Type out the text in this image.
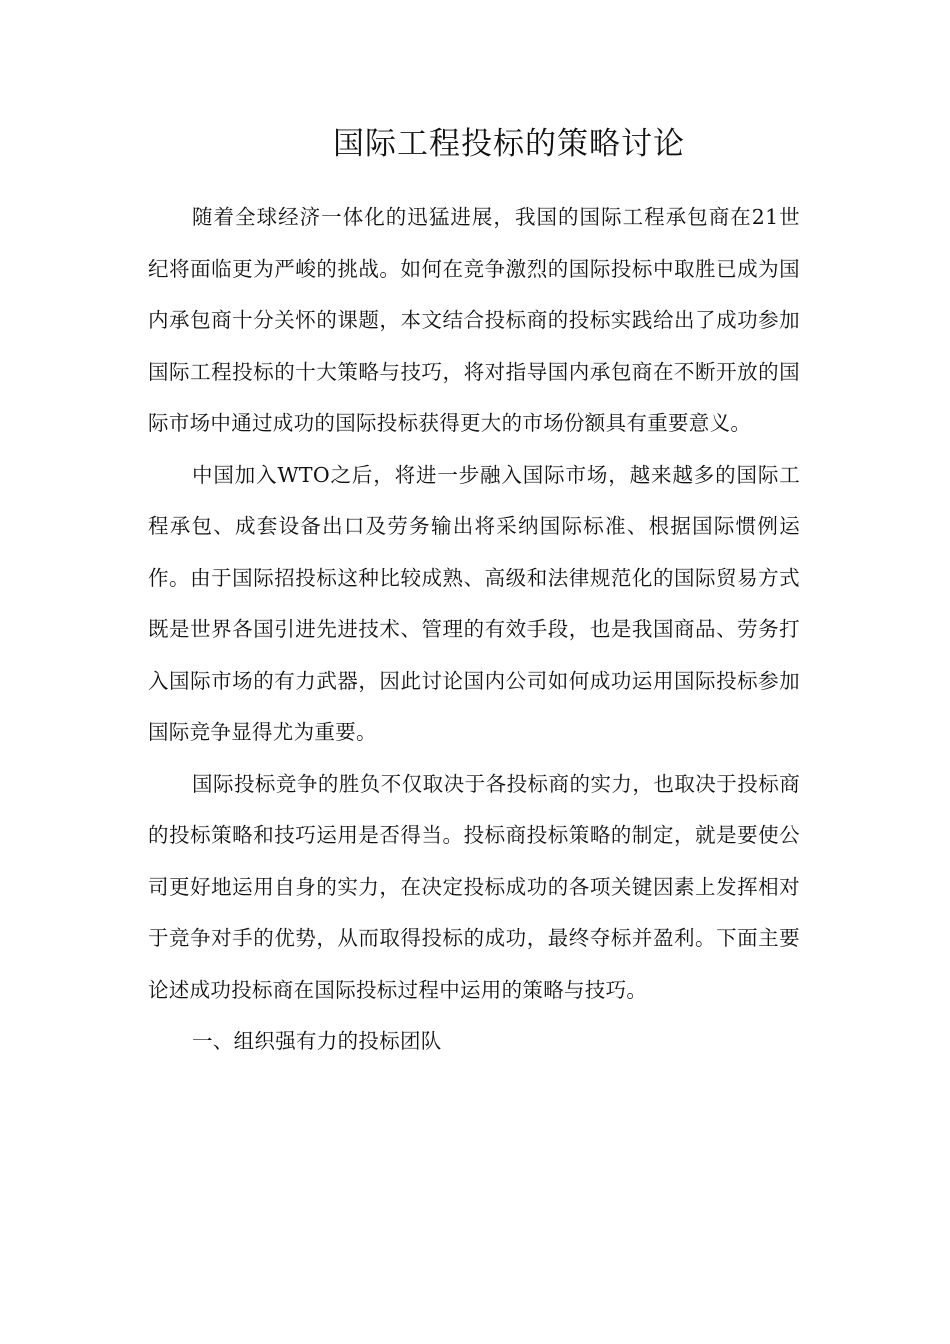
国际工程投标的策略讨论

随着全球经济一体化的迅猛进展，我国的国际工程承包商在21世纪将面临更为严峻的挑战。如何在竞争激烈的国际投标中取胜已成为国内承包商十分关怀的课题，本文结合投标商的投标实践给出了成功参加国际工程投标的十大策略与技巧，将对指导国内承包商在不断开放的国际市场中通过成功的国际投标获得更大的市场份额具有重要意义。

中国加入WTO之后，将进一步融入国际市场，越来越多的国际工程承包、成套设备出口及劳务输出将采纳国际标准、根据国际惯例运作。由于国际招投标这种比较成熟、高级和法律规范化的国际贸易方式既是世界各国引进先进技术、管理的有效手段，也是我国商品、劳务打入国际市场的有力武器，因此讨论国内公司如何成功运用国际投标参加国际竞争显得尤为重要。

国际投标竞争的胜负不仅取决于各投标商的实力，也取决于投标商的投标策略和技巧运用是否得当。投标商投标策略的制定，就是要使公司更好地运用自身的实力，在决定投标成功的各项关键因素上发挥相对于竞争对手的优势，从而取得投标的成功，最终夺标并盈利。下面主要论述成功投标商在国际投标过程中运用的策略与技巧。

一、组织强有力的投标团队
